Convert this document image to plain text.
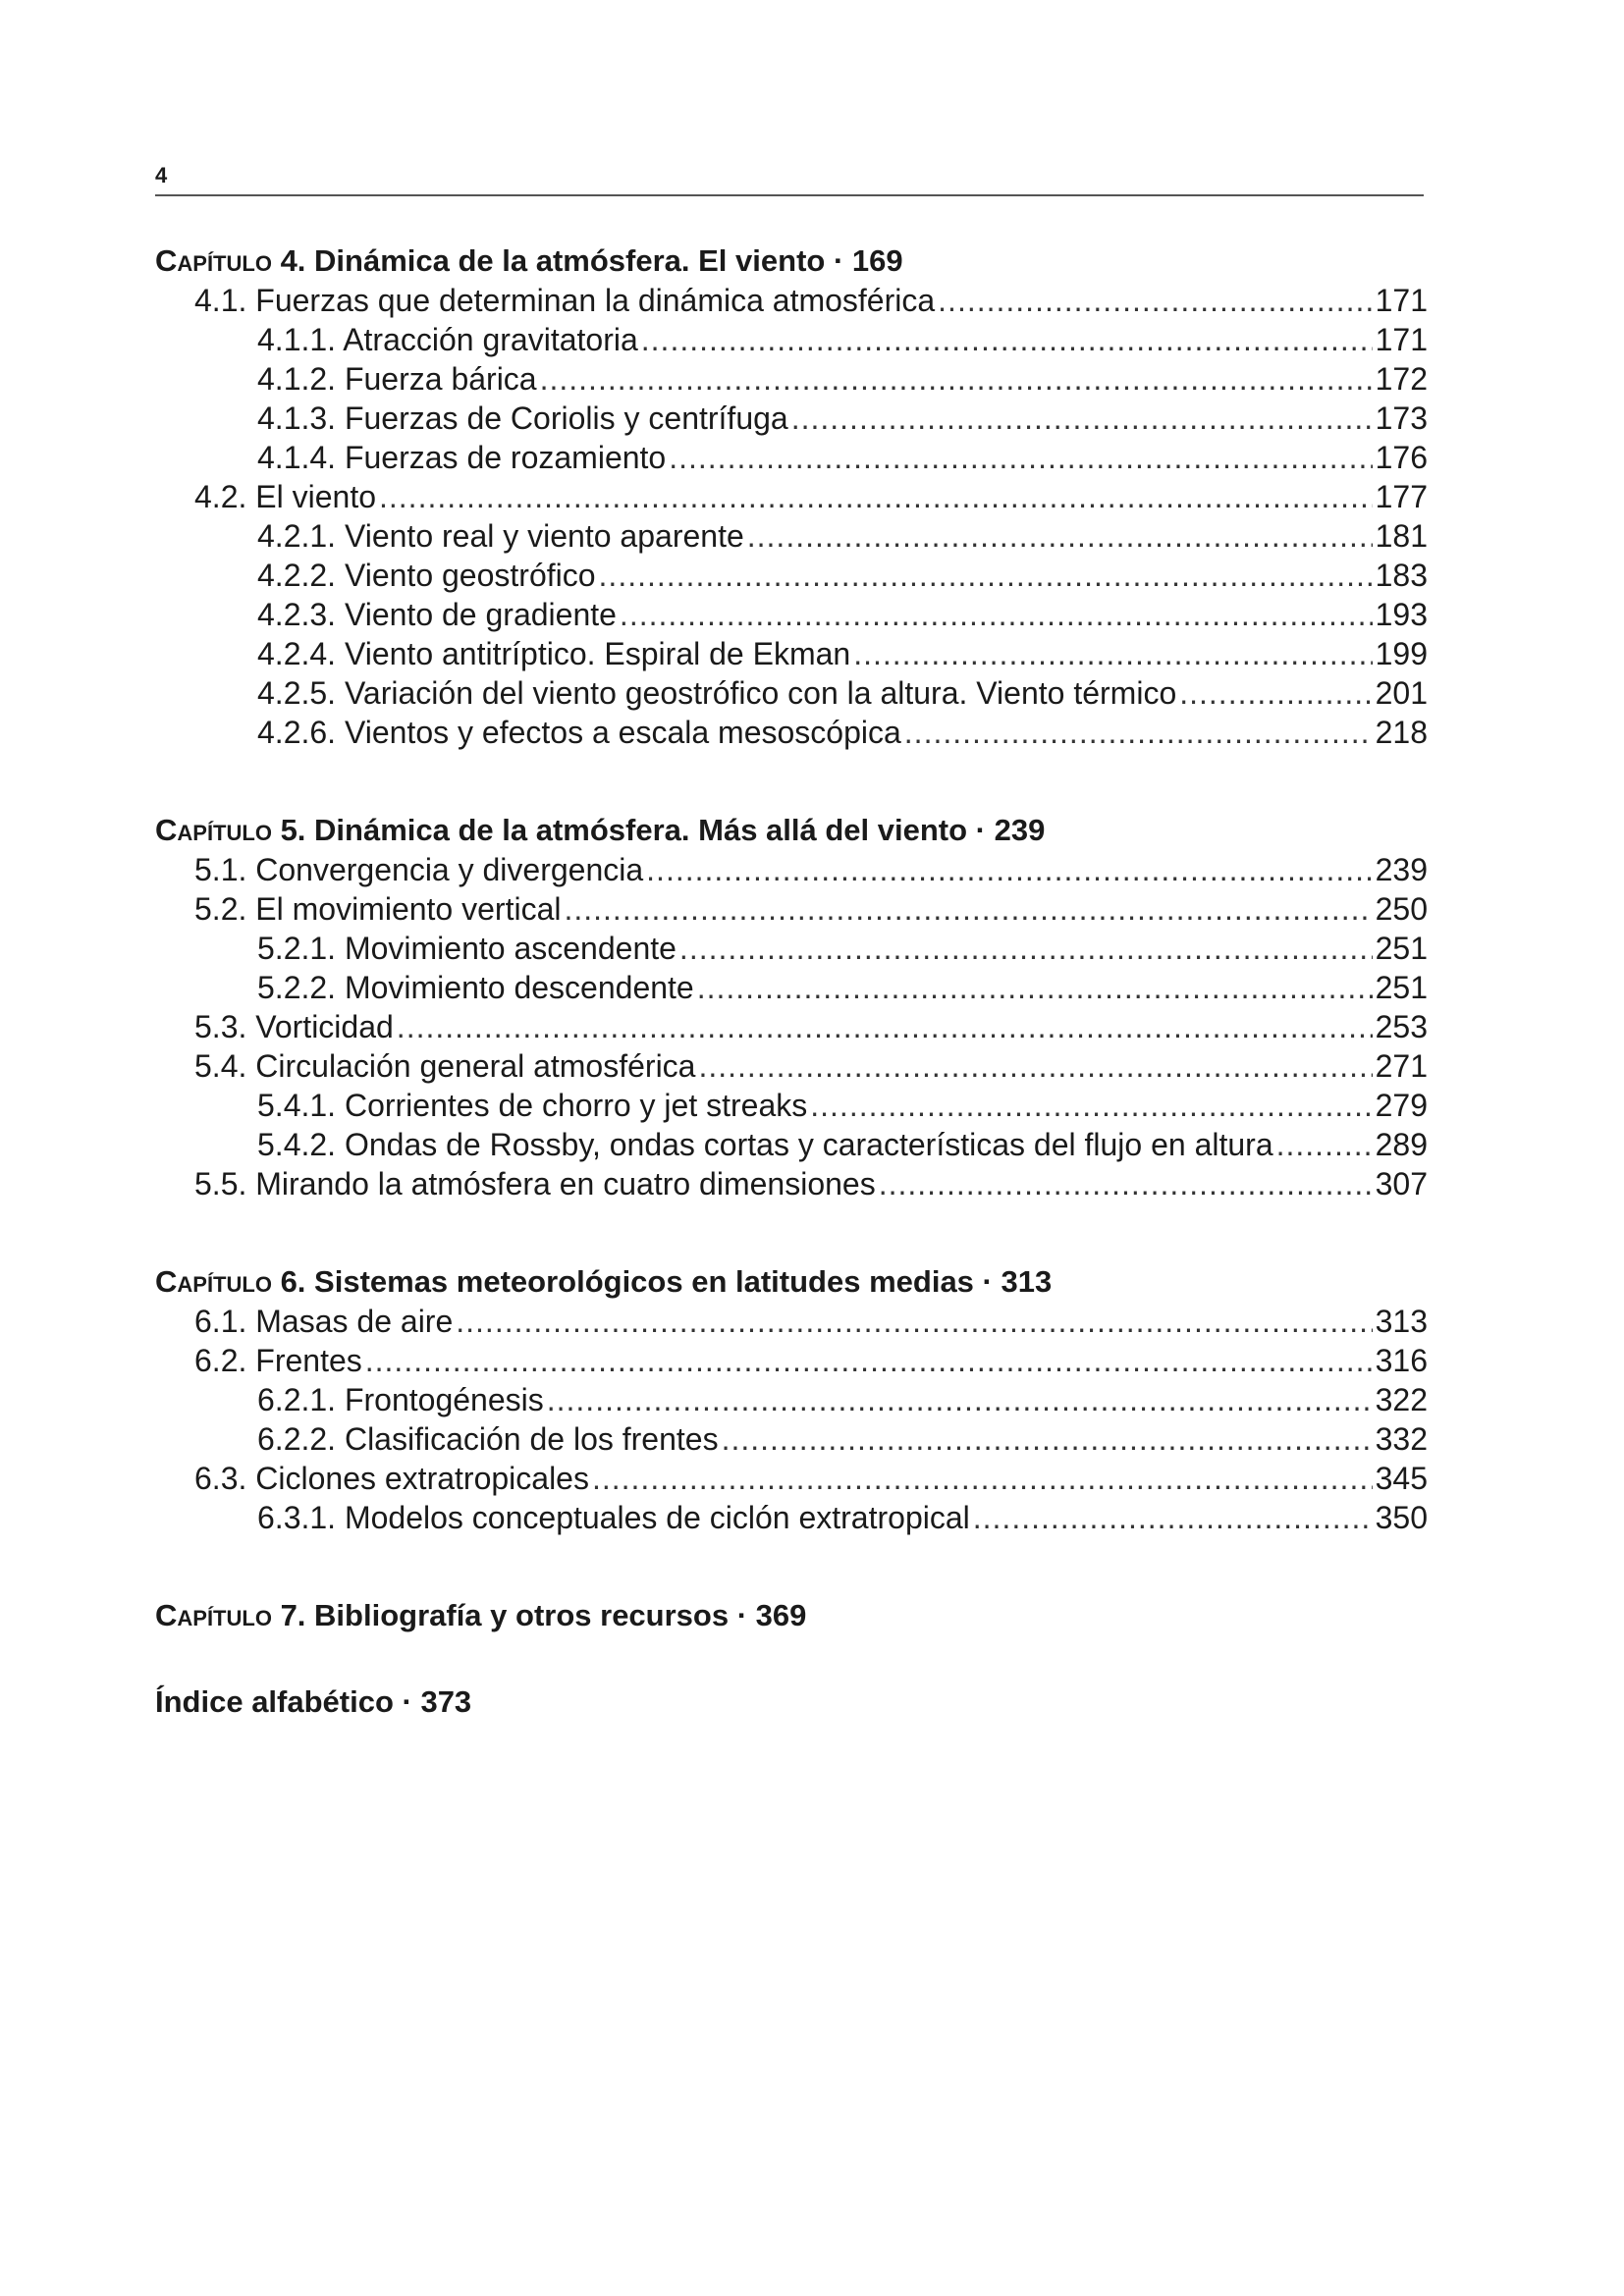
4
Capítulo 4. Dinámica de la atmósfera. El viento · 169
4.1. Fuerzas que determinan la dinámica atmosférica .....	171
4.1.1. Atracción gravitatoria .....	171
4.1.2. Fuerza bárica .....	172
4.1.3. Fuerzas de Coriolis y centrífuga .....	173
4.1.4. Fuerzas de rozamiento .....	176
4.2. El viento .....	177
4.2.1. Viento real y viento aparente .....	181
4.2.2. Viento geostrófico .....	183
4.2.3. Viento de gradiente .....	193
4.2.4. Viento antitríptico. Espiral de Ekman .....	199
4.2.5. Variación del viento geostrófico con la altura. Viento térmico .....	201
4.2.6. Vientos y efectos a escala mesoscópica .....	218
Capítulo 5. Dinámica de la atmósfera. Más allá del viento · 239
5.1. Convergencia y divergencia .....	239
5.2. El movimiento vertical .....	250
5.2.1. Movimiento ascendente .....	251
5.2.2. Movimiento descendente .....	251
5.3. Vorticidad .....	253
5.4. Circulación general atmosférica .....	271
5.4.1. Corrientes de chorro y jet streaks .....	279
5.4.2. Ondas de Rossby, ondas cortas y características del flujo en altura .....	289
5.5. Mirando la atmósfera en cuatro dimensiones .....	307
Capítulo 6. Sistemas meteorológicos en latitudes medias · 313
6.1. Masas de aire .....	313
6.2. Frentes .....	316
6.2.1. Frontogénesis .....	322
6.2.2. Clasificación de los frentes .....	332
6.3. Ciclones extratropicales .....	345
6.3.1. Modelos conceptuales de ciclón extratropical .....	350
Capítulo 7. Bibliografía y otros recursos · 369
Índice alfabético · 373
